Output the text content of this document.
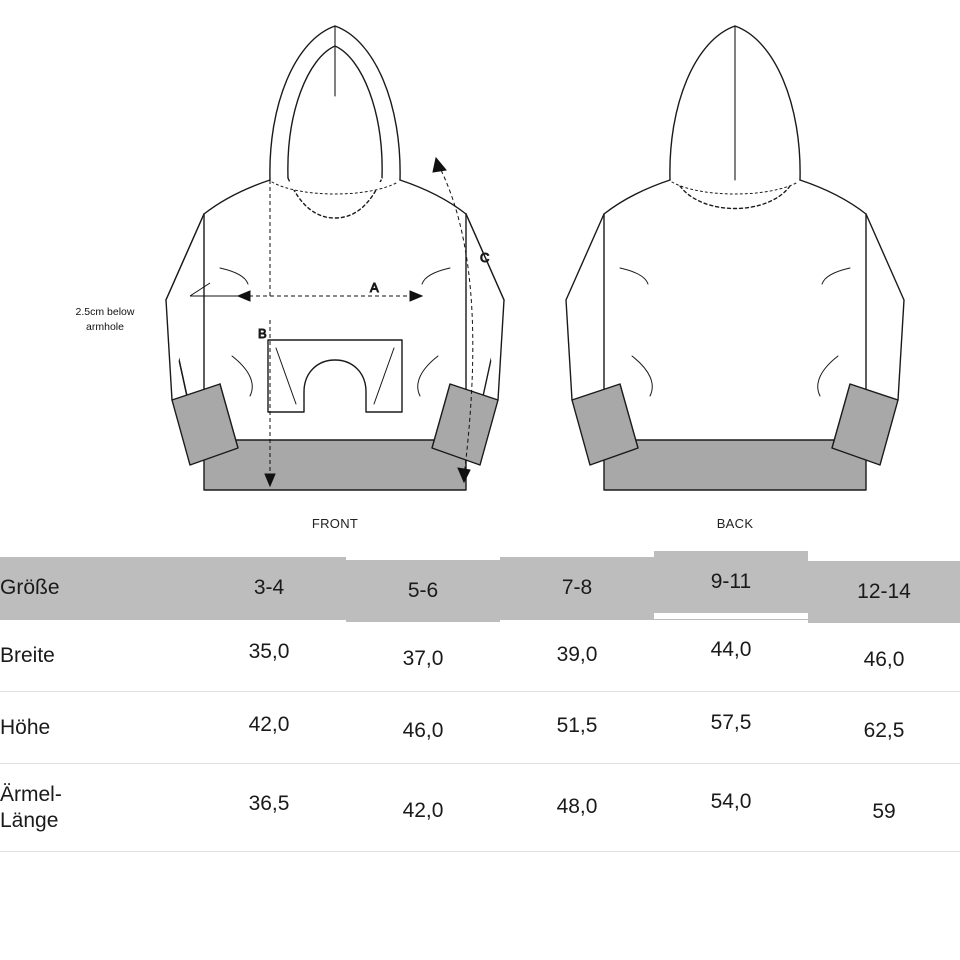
2.5cm below
armhole
A
B
C
FRONT	BACK
Größe	3-4	5-6	7-8	9-11	12-14
Breite	35,0	37,0	39,0	44,0	46,0
Höhe	42,0	46,0	51,5	57,5	62,5
Ärmel-
Länge	36,5	42,0	48,0	54,0	59
